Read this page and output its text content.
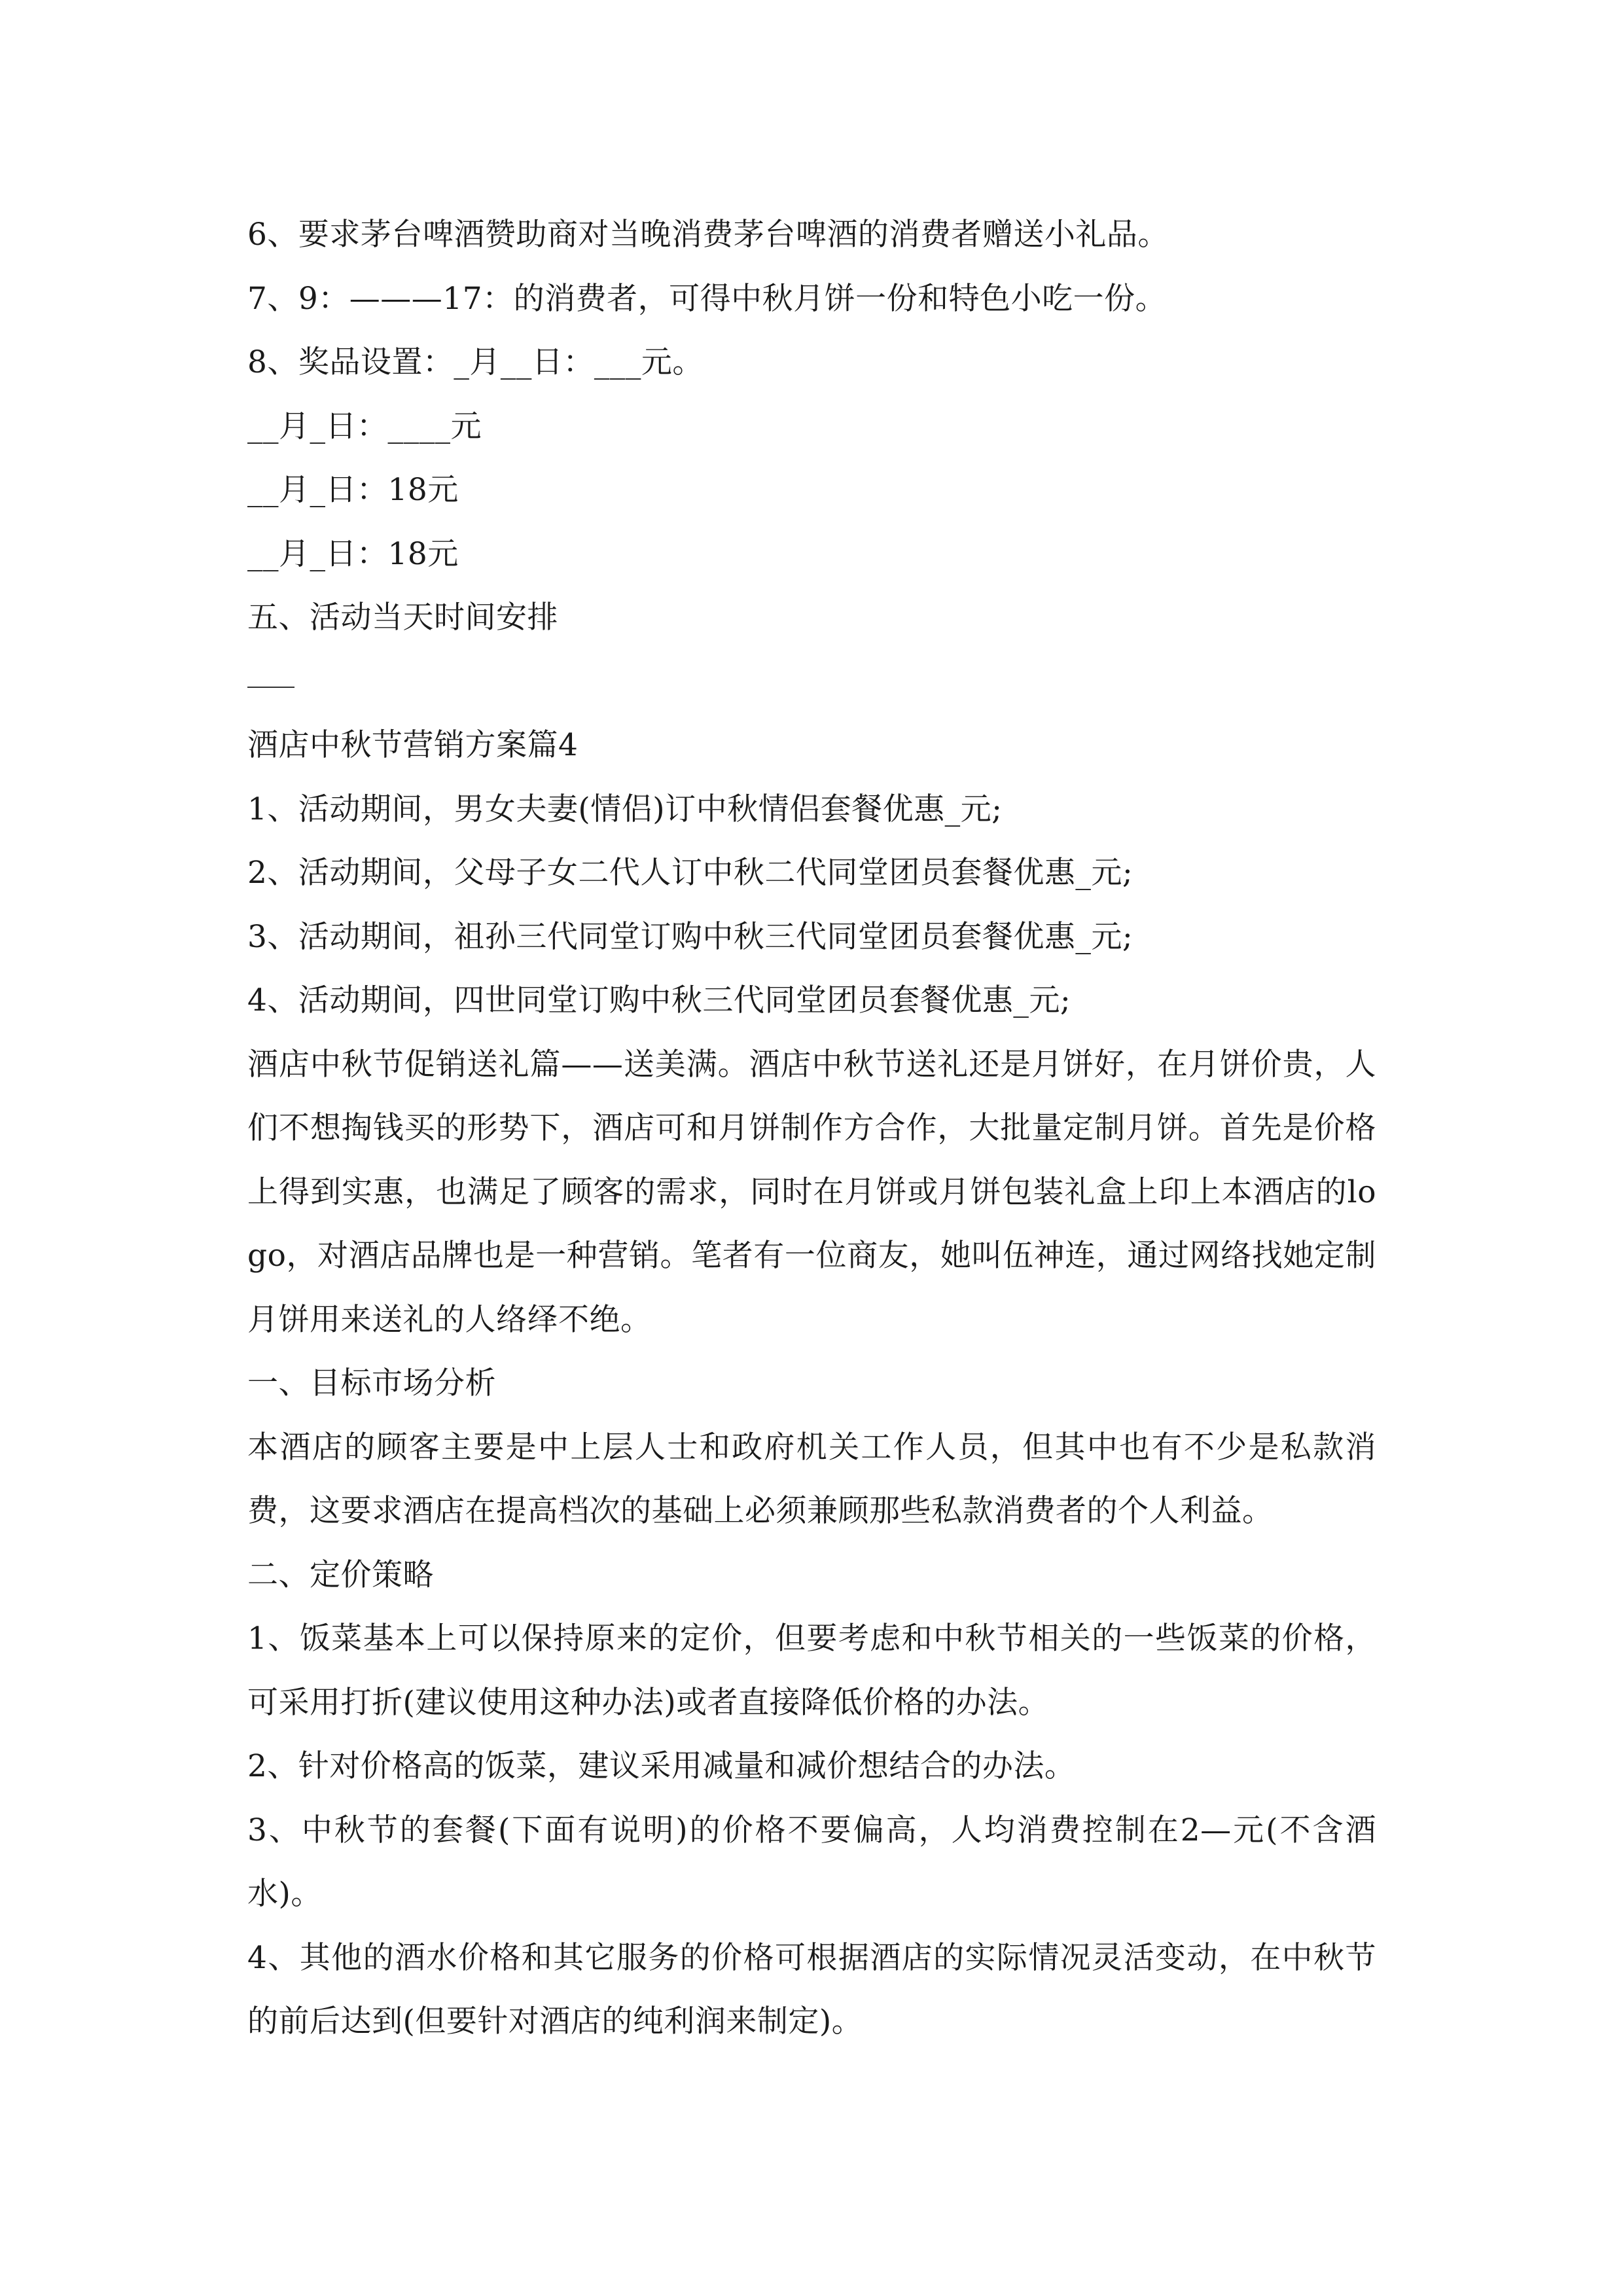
6、要求茅台啤酒赞助商对当晚消费茅台啤酒的消费者赠送小礼品。
7、9：———17：的消费者，可得中秋月饼一份和特色小吃一份。
8、奖品设置：_月__日：___元。
__月_日：____元
__月_日：18元
__月_日：18元
五、活动当天时间安排
酒店中秋节营销方案篇4
1、活动期间，男女夫妻(情侣)订中秋情侣套餐优惠_元;
2、活动期间，父母子女二代人订中秋二代同堂团员套餐优惠_元;
3、活动期间，祖孙三代同堂订购中秋三代同堂团员套餐优惠_元;
4、活动期间，四世同堂订购中秋三代同堂团员套餐优惠_元;
酒店中秋节促销送礼篇——送美满。酒店中秋节送礼还是月饼好，在月饼价贵，人们不想掏钱买的形势下，酒店可和月饼制作方合作，大批量定制月饼。首先是价格上得到实惠，也满足了顾客的需求，同时在月饼或月饼包装礼盒上印上本酒店的logo，对酒店品牌也是一种营销。笔者有一位商友，她叫伍神连，通过网络找她定制月饼用来送礼的人络绎不绝。
一、目标市场分析
本酒店的顾客主要是中上层人士和政府机关工作人员，但其中也有不少是私款消费，这要求酒店在提高档次的基础上必须兼顾那些私款消费者的个人利益。
二、定价策略
1、饭菜基本上可以保持原来的定价，但要考虑和中秋节相关的一些饭菜的价格，可采用打折(建议使用这种办法)或者直接降低价格的办法。
2、针对价格高的饭菜，建议采用减量和减价想结合的办法。
3、中秋节的套餐(下面有说明)的价格不要偏高，人均消费控制在2—元(不含酒水)。
4、其他的酒水价格和其它服务的价格可根据酒店的实际情况灵活变动，在中秋节的前后达到(但要针对酒店的纯利润来制定)。
